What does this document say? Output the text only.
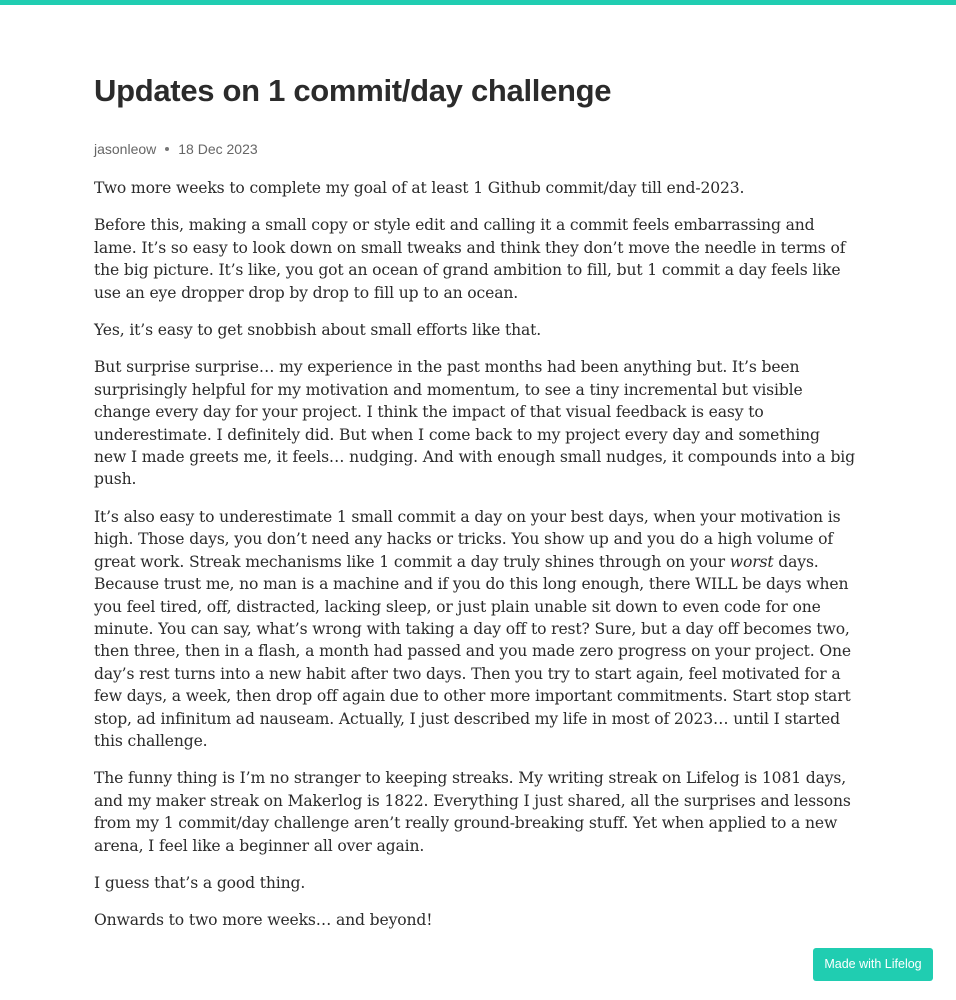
Updates on 1 commit/day challenge
jasonleow 18 Dec 2023

Two more weeks to complete my goal of at least 1 Github commit/day till end-2023.

Before this, making a small copy or style edit and calling it a commit feels embarrassing and lame. It’s so easy to look down on small tweaks and think they don’t move the needle in terms of the big picture. It’s like, you got an ocean of grand ambition to fill, but 1 commit a day feels like use an eye dropper drop by drop to fill up to an ocean.

Yes, it’s easy to get snobbish about small efforts like that.

But surprise surprise… my experience in the past months had been anything but. It’s been surprisingly helpful for my motivation and momentum, to see a tiny incremental but visible change every day for your project. I think the impact of that visual feedback is easy to underestimate. I definitely did. But when I come back to my project every day and something new I made greets me, it feels… nudging. And with enough small nudges, it compounds into a big push.

It’s also easy to underestimate 1 small commit a day on your best days, when your motivation is high. Those days, you don’t need any hacks or tricks. You show up and you do a high volume of great work. Streak mechanisms like 1 commit a day truly shines through on your worst days. Because trust me, no man is a machine and if you do this long enough, there WILL be days when you feel tired, off, distracted, lacking sleep, or just plain unable sit down to even code for one minute. You can say, what’s wrong with taking a day off to rest? Sure, but a day off becomes two, then three, then in a flash, a month had passed and you made zero progress on your project. One day’s rest turns into a new habit after two days. Then you try to start again, feel motivated for a few days, a week, then drop off again due to other more important commitments. Start stop start stop, ad infinitum ad nauseam. Actually, I just described my life in most of 2023… until I started this challenge.

The funny thing is I’m no stranger to keeping streaks. My writing streak on Lifelog is 1081 days, and my maker streak on Makerlog is 1822. Everything I just shared, all the surprises and lessons from my 1 commit/day challenge aren’t really ground-breaking stuff. Yet when applied to a new arena, I feel like a beginner all over again.

I guess that’s a good thing.

Onwards to two more weeks… and beyond!

Made with Lifelog
